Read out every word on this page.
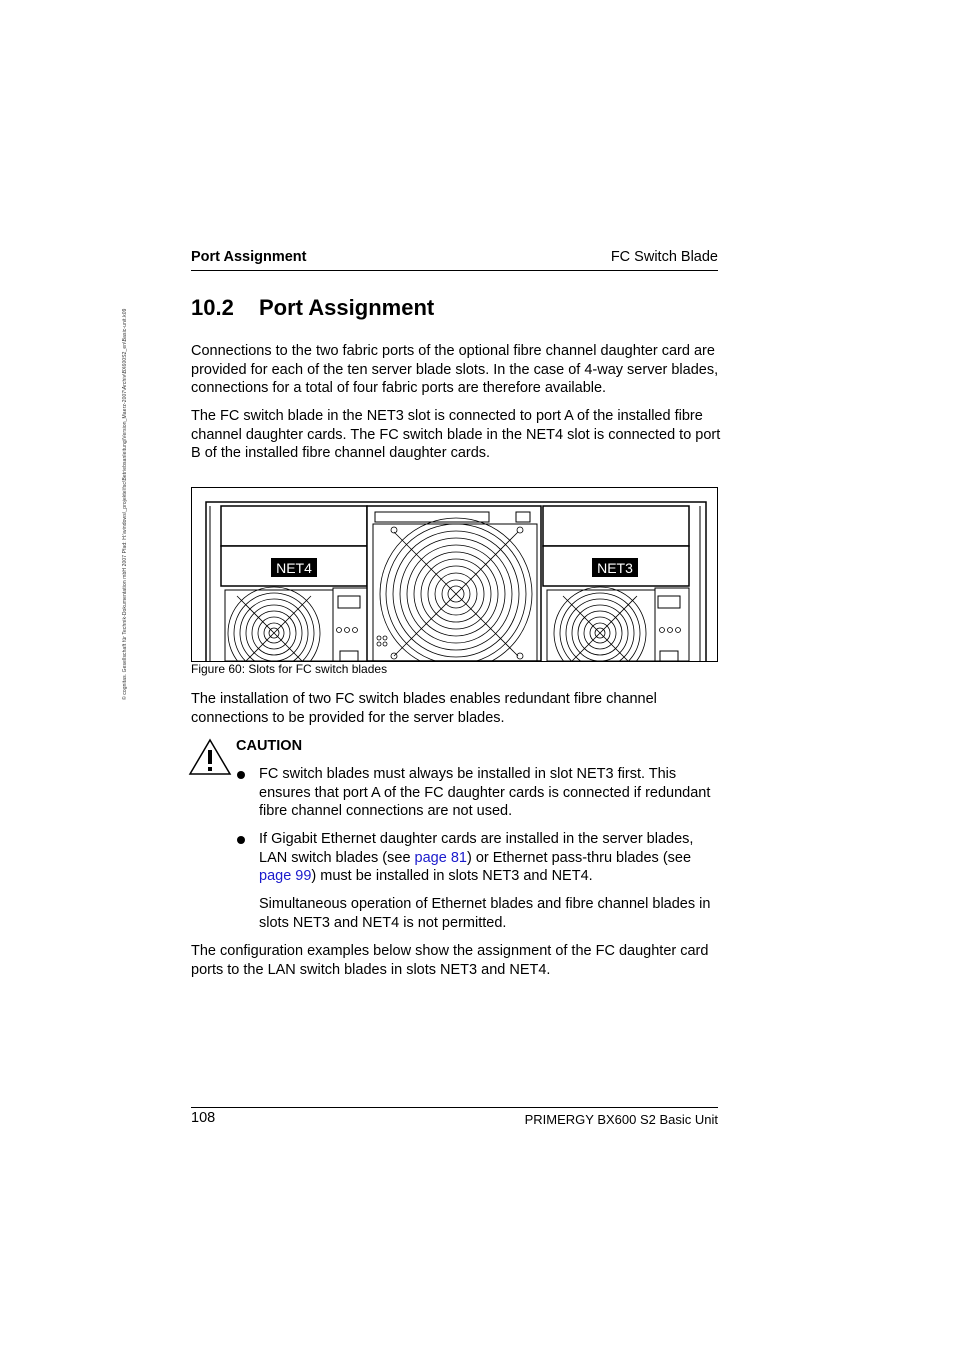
© cognitas. Gesellschaft für Technik-Dokumentation mbH 2007 Pfad: H:\windows\_projekte\fsc\Betriebsanleitung\Version_Maerz-2007\Archiv\BX600S2_en\Basic-unit.k09
Port Assignment	FC Switch Blade
10.2 Port Assignment
Connections to the two fabric ports of the optional fibre channel daughter card are provided for each of the ten server blade slots. In the case of 4-way server blades, connections for a total of four fabric ports are therefore available.
The FC switch blade in the NET3 slot is connected to port A of the installed fibre channel daughter cards. The FC switch blade in the NET4 slot is connected to port B of the installed fibre channel daughter cards.
NET4	NET3
Figure 60: Slots for FC switch blades
The installation of two FC switch blades enables redundant fibre channel connections to be provided for the server blades.
CAUTION
FC switch blades must always be installed in slot NET3 first. This ensures that port A of the FC daughter cards is connected if redundant fibre channel connections are not used.
If Gigabit Ethernet daughter cards are installed in the server blades, LAN switch blades (see page 81) or Ethernet pass-thru blades (see page 99) must be installed in slots NET3 and NET4.
Simultaneous operation of Ethernet blades and fibre channel blades in slots NET3 and NET4 is not permitted.
The configuration examples below show the assignment of the FC daughter card ports to the LAN switch blades in slots NET3 and NET4.
108	PRIMERGY BX600 S2 Basic Unit
